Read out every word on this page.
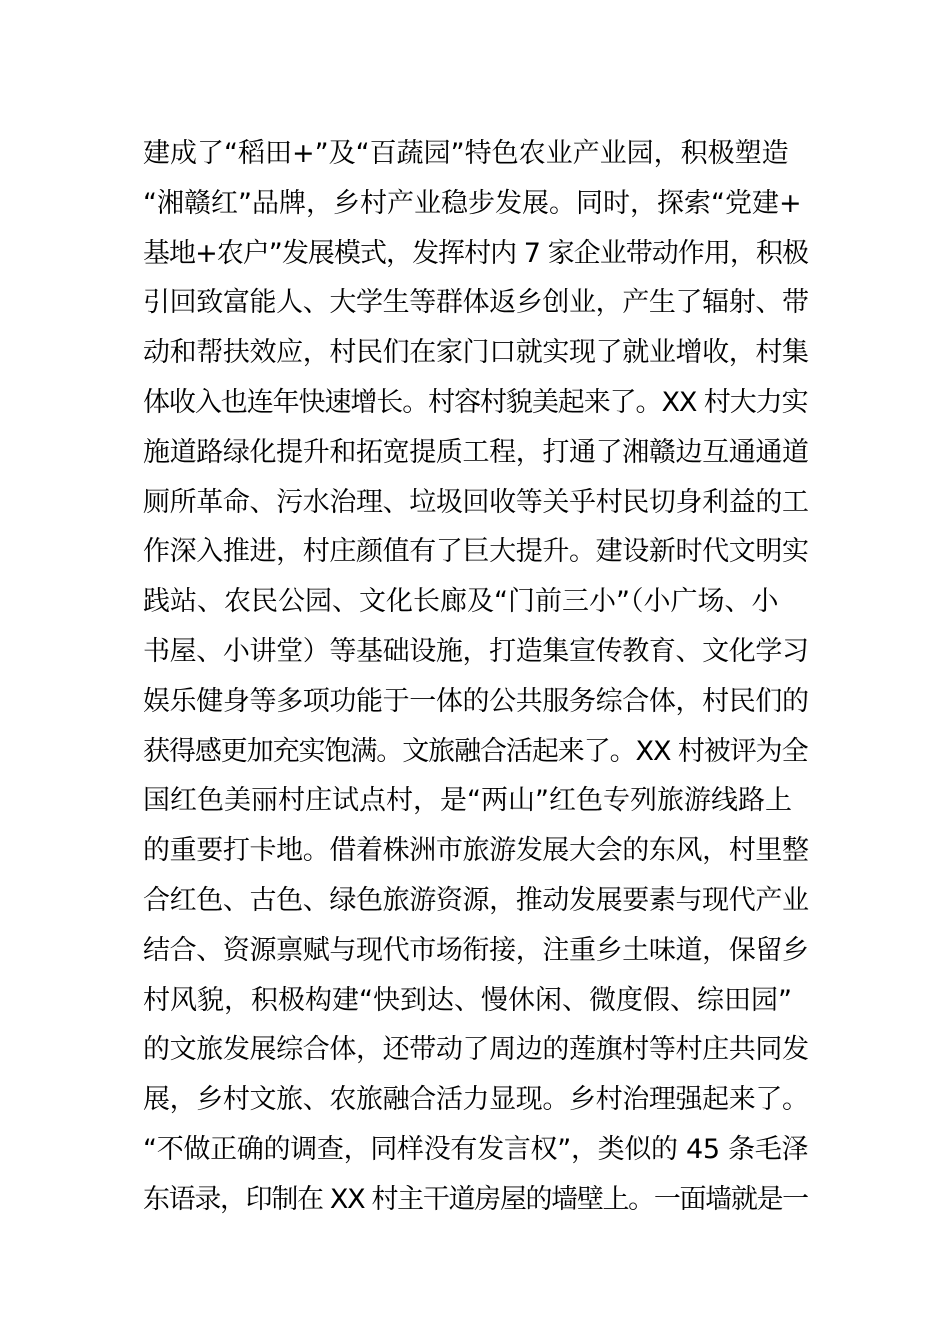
建成了“稻田+”及“百蔬园”特色农业产业园，积极塑造
“湘赣红”品牌，乡村产业稳步发展。同时，探索“党建+
基地+农户”发展模式，发挥村内 7 家企业带动作用，积极
引回致富能人、大学生等群体返乡创业，产生了辐射、带
动和帮扶效应，村民们在家门口就实现了就业增收，村集
体收入也连年快速增长。村容村貌美起来了。XX 村大力实
施道路绿化提升和拓宽提质工程，打通了湘赣边互通通道
厕所革命、污水治理、垃圾回收等关乎村民切身利益的工
作深入推进，村庄颜值有了巨大提升。建设新时代文明实
践站、农民公园、文化长廊及“门前三小”（小广场、小
书屋、小讲堂）等基础设施，打造集宣传教育、文化学习
娱乐健身等多项功能于一体的公共服务综合体，村民们的
获得感更加充实饱满。文旅融合活起来了。XX 村被评为全
国红色美丽村庄试点村，是“两山”红色专列旅游线路上
的重要打卡地。借着株洲市旅游发展大会的东风，村里整
合红色、古色、绿色旅游资源，推动发展要素与现代产业
结合、资源禀赋与现代市场衔接，注重乡土味道，保留乡
村风貌，积极构建“快到达、慢休闲、微度假、综田园”
的文旅发展综合体，还带动了周边的莲旗村等村庄共同发
展，乡村文旅、农旅融合活力显现。乡村治理强起来了。
“不做正确的调查，同样没有发言权”，类似的 45 条毛泽
东语录，印制在 XX 村主干道房屋的墙壁上。一面墙就是一
